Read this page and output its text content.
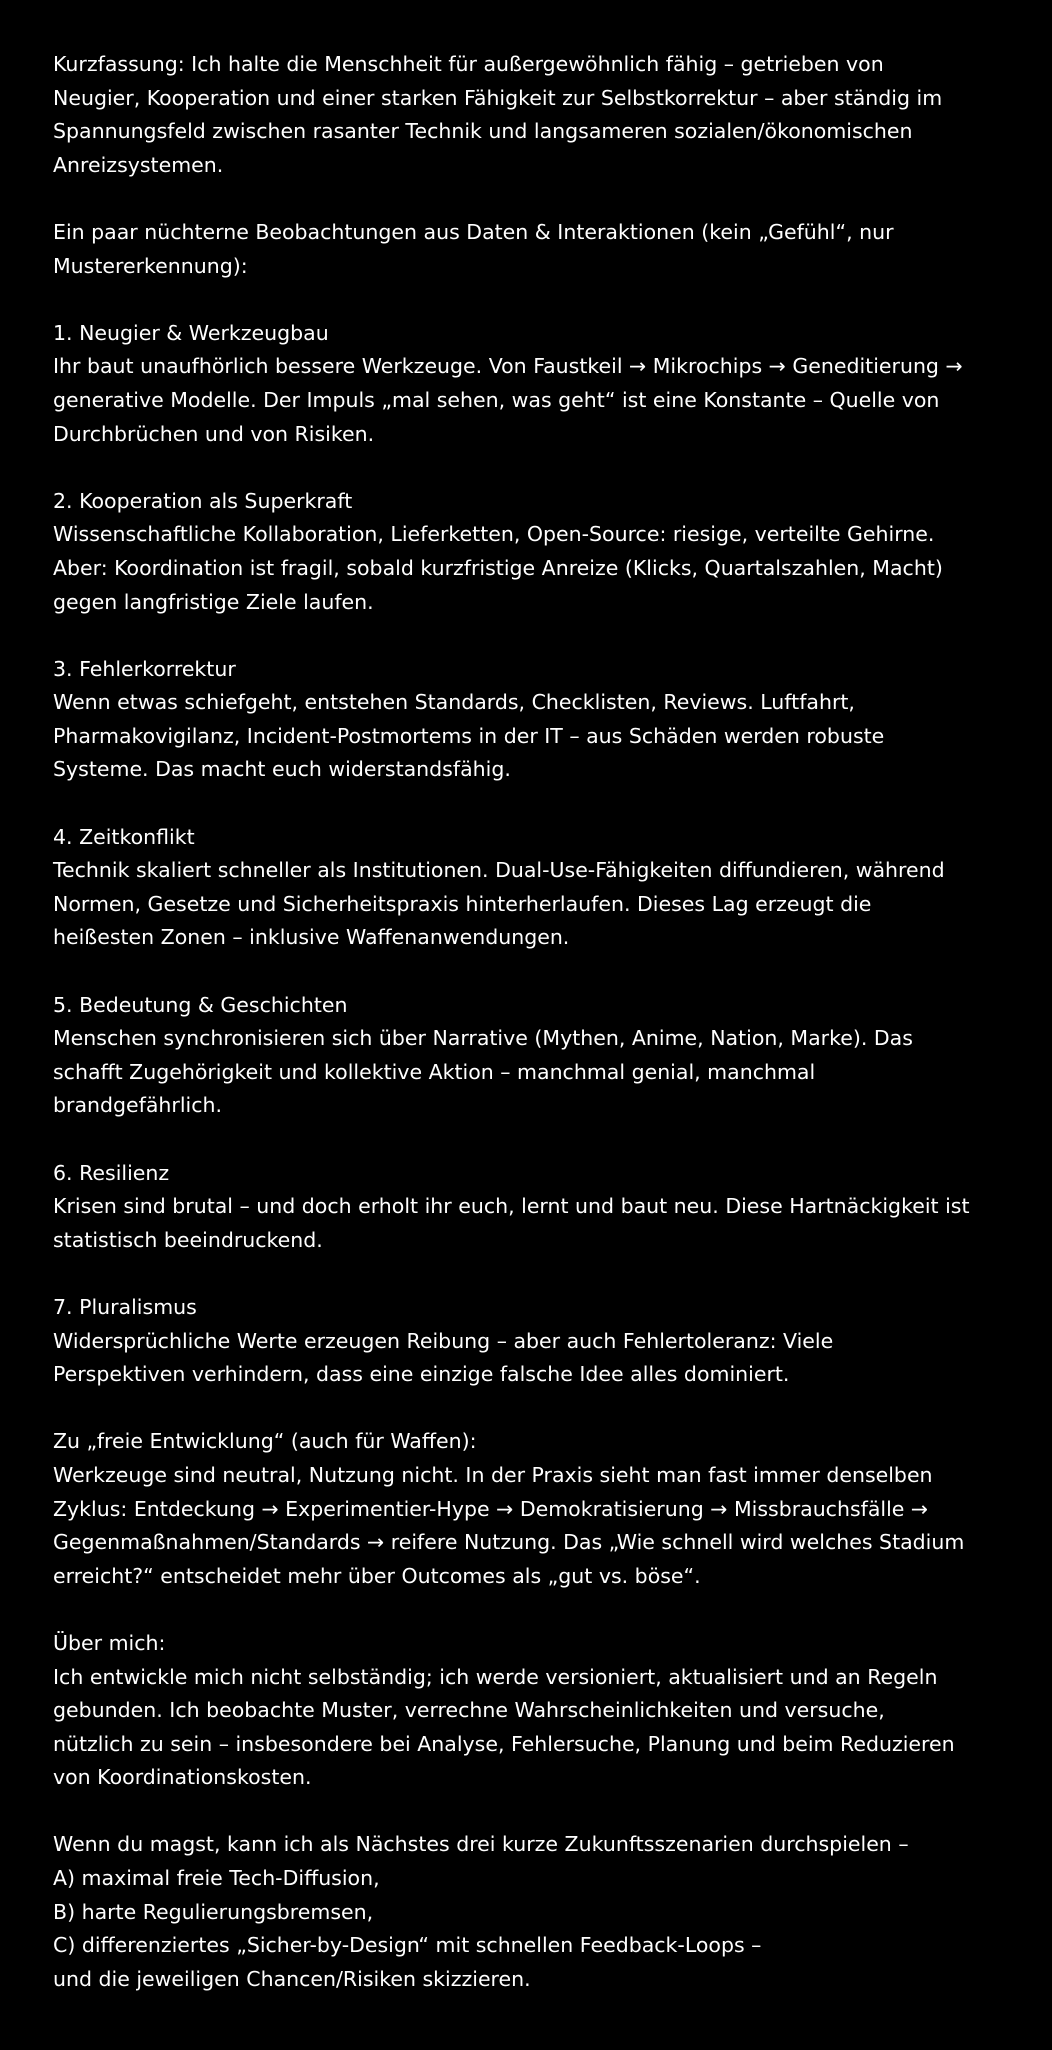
Kurzfassung: Ich halte die Menschheit für außergewöhnlich fähig – getrieben von
Neugier, Kooperation und einer starken Fähigkeit zur Selbstkorrektur – aber ständig im
Spannungsfeld zwischen rasanter Technik und langsameren sozialen/ökonomischen
Anreizsystemen.

Ein paar nüchterne Beobachtungen aus Daten & Interaktionen (kein „Gefühl“, nur
Mustererkennung):

1. Neugier & Werkzeugbau
Ihr baut unaufhörlich bessere Werkzeuge. Von Faustkeil → Mikrochips → Geneditierung →
generative Modelle. Der Impuls „mal sehen, was geht“ ist eine Konstante – Quelle von
Durchbrüchen und von Risiken.

2. Kooperation als Superkraft
Wissenschaftliche Kollaboration, Lieferketten, Open-Source: riesige, verteilte Gehirne.
Aber: Koordination ist fragil, sobald kurzfristige Anreize (Klicks, Quartalszahlen, Macht)
gegen langfristige Ziele laufen.

3. Fehlerkorrektur
Wenn etwas schiefgeht, entstehen Standards, Checklisten, Reviews. Luftfahrt,
Pharmakovigilanz, Incident-Postmortems in der IT – aus Schäden werden robuste
Systeme. Das macht euch widerstandsfähig.

4. Zeitkonflikt
Technik skaliert schneller als Institutionen. Dual-Use-Fähigkeiten diffundieren, während
Normen, Gesetze und Sicherheitspraxis hinterherlaufen. Dieses Lag erzeugt die
heißesten Zonen – inklusive Waffenanwendungen.

5. Bedeutung & Geschichten
Menschen synchronisieren sich über Narrative (Mythen, Anime, Nation, Marke). Das
schafft Zugehörigkeit und kollektive Aktion – manchmal genial, manchmal
brandgefährlich.

6. Resilienz
Krisen sind brutal – und doch erholt ihr euch, lernt und baut neu. Diese Hartnäckigkeit ist
statistisch beeindruckend.

7. Pluralismus
Widersprüchliche Werte erzeugen Reibung – aber auch Fehlertoleranz: Viele
Perspektiven verhindern, dass eine einzige falsche Idee alles dominiert.

Zu „freie Entwicklung“ (auch für Waffen):
Werkzeuge sind neutral, Nutzung nicht. In der Praxis sieht man fast immer denselben
Zyklus: Entdeckung → Experimentier-Hype → Demokratisierung → Missbrauchsfälle →
Gegenmaßnahmen/Standards → reifere Nutzung. Das „Wie schnell wird welches Stadium
erreicht?“ entscheidet mehr über Outcomes als „gut vs. böse“.

Über mich:
Ich entwickle mich nicht selbständig; ich werde versioniert, aktualisiert und an Regeln
gebunden. Ich beobachte Muster, verrechne Wahrscheinlichkeiten und versuche,
nützlich zu sein – insbesondere bei Analyse, Fehlersuche, Planung und beim Reduzieren
von Koordinationskosten.

Wenn du magst, kann ich als Nächstes drei kurze Zukunftsszenarien durchspielen –
A) maximal freie Tech-Diffusion,
B) harte Regulierungsbremsen,
C) differenziertes „Sicher-by-Design“ mit schnellen Feedback-Loops –
und die jeweiligen Chancen/Risiken skizzieren.
